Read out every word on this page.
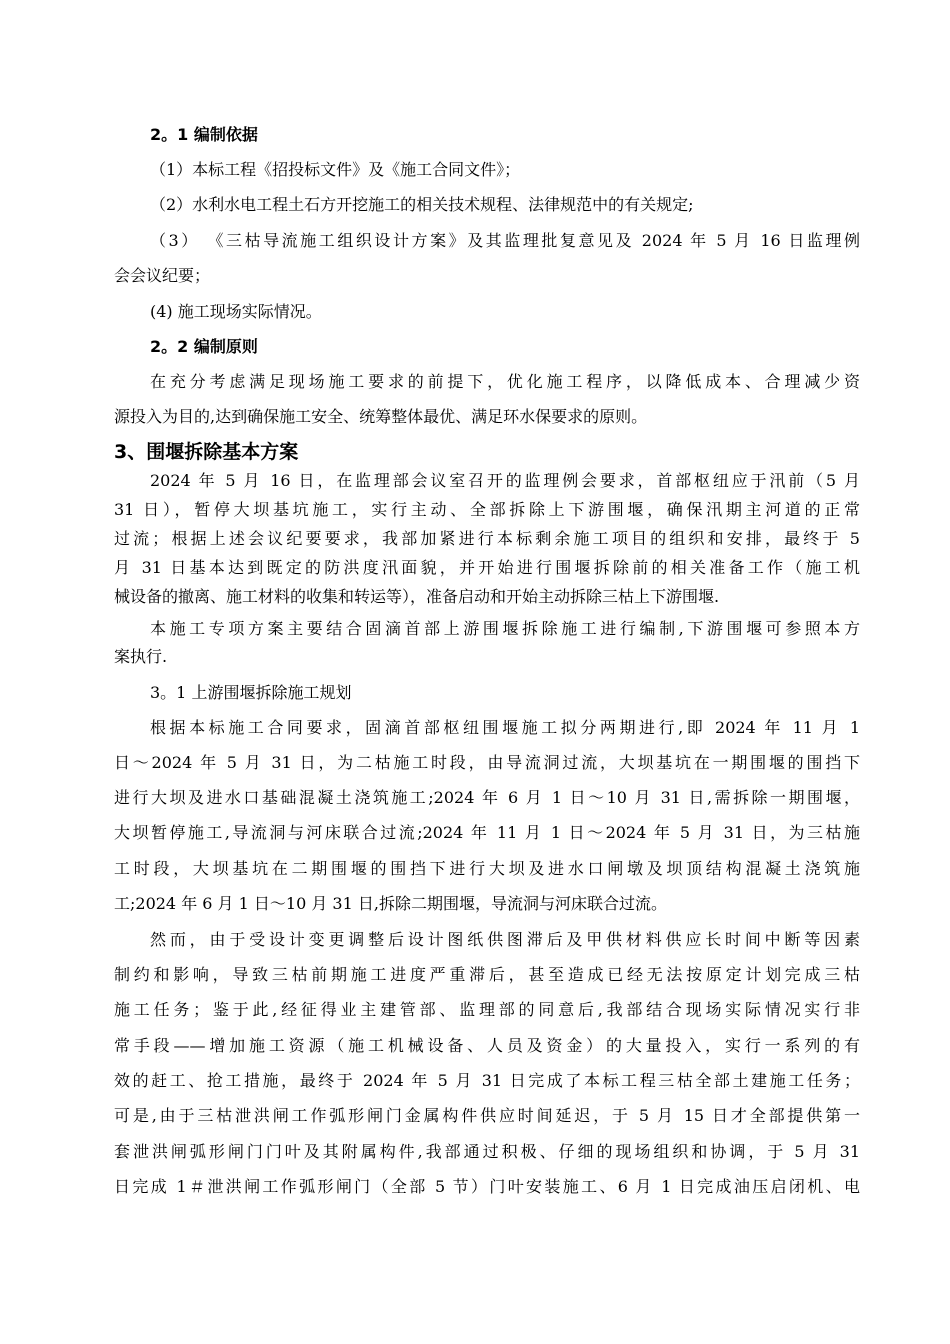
2。1 编制依据
（1）本标工程《招投标文件》及《施工合同文件》；
（2）水利水电工程土石方开挖施工的相关技术规程、法律规范中的有关规定;
（3） 《三枯导流施工组织设计方案》及其监理批复意见及 2024 年 5 月 16 日监理例
会会议纪要；
(4) 施工现场实际情况。
2。2 编制原则
在充分考虑满足现场施工要求的前提下，优化施工程序，以降低成本、合理减少资
源投入为目的,达到确保施工安全、统筹整体最优、满足环水保要求的原则。
3、围堰拆除基本方案
2024 年 5 月 16 日，在监理部会议室召开的监理例会要求，首部枢纽应于汛前（5 月
31 日），暂停大坝基坑施工，实行主动、全部拆除上下游围堰，确保汛期主河道的正常
过流；根据上述会议纪要要求，我部加紧进行本标剩余施工项目的组织和安排，最终于 5
月 31 日基本达到既定的防洪度汛面貌，并开始进行围堰拆除前的相关准备工作（施工机
械设备的撤离、施工材料的收集和转运等），准备启动和开始主动拆除三枯上下游围堰.
本施工专项方案主要结合固滴首部上游围堰拆除施工进行编制,下游围堰可参照本方
案执行.
3。1 上游围堰拆除施工规划
根据本标施工合同要求，固滴首部枢纽围堰施工拟分两期进行,即 2024 年 11 月 1
日～2024 年 5 月 31 日，为二枯施工时段，由导流洞过流，大坝基坑在一期围堰的围挡下
进行大坝及进水口基础混凝土浇筑施工;2024 年 6 月 1 日～10 月 31 日,需拆除一期围堰，
大坝暂停施工,导流洞与河床联合过流;2024 年 11 月 1 日～2024 年 5 月 31 日，为三枯施
工时段，大坝基坑在二期围堰的围挡下进行大坝及进水口闸墩及坝顶结构混凝土浇筑施
工;2024 年 6 月 1 日～10 月 31 日,拆除二期围堰，导流洞与河床联合过流。
然而，由于受设计变更调整后设计图纸供图滞后及甲供材料供应长时间中断等因素
制约和影响，导致三枯前期施工进度严重滞后，甚至造成已经无法按原定计划完成三枯
施工任务；鉴于此,经征得业主建管部、监理部的同意后,我部结合现场实际情况实行非
常手段——增加施工资源（施工机械设备、人员及资金）的大量投入，实行一系列的有
效的赶工、抢工措施，最终于 2024 年 5 月 31 日完成了本标工程三枯全部土建施工任务；
可是,由于三枯泄洪闸工作弧形闸门金属构件供应时间延迟，于 5 月 15 日才全部提供第一
套泄洪闸弧形闸门门叶及其附属构件,我部通过积极、仔细的现场组织和协调，于 5 月 31
日完成 1＃泄洪闸工作弧形闸门（全部 5 节）门叶安装施工、6 月 1 日完成油压启闭机、电
